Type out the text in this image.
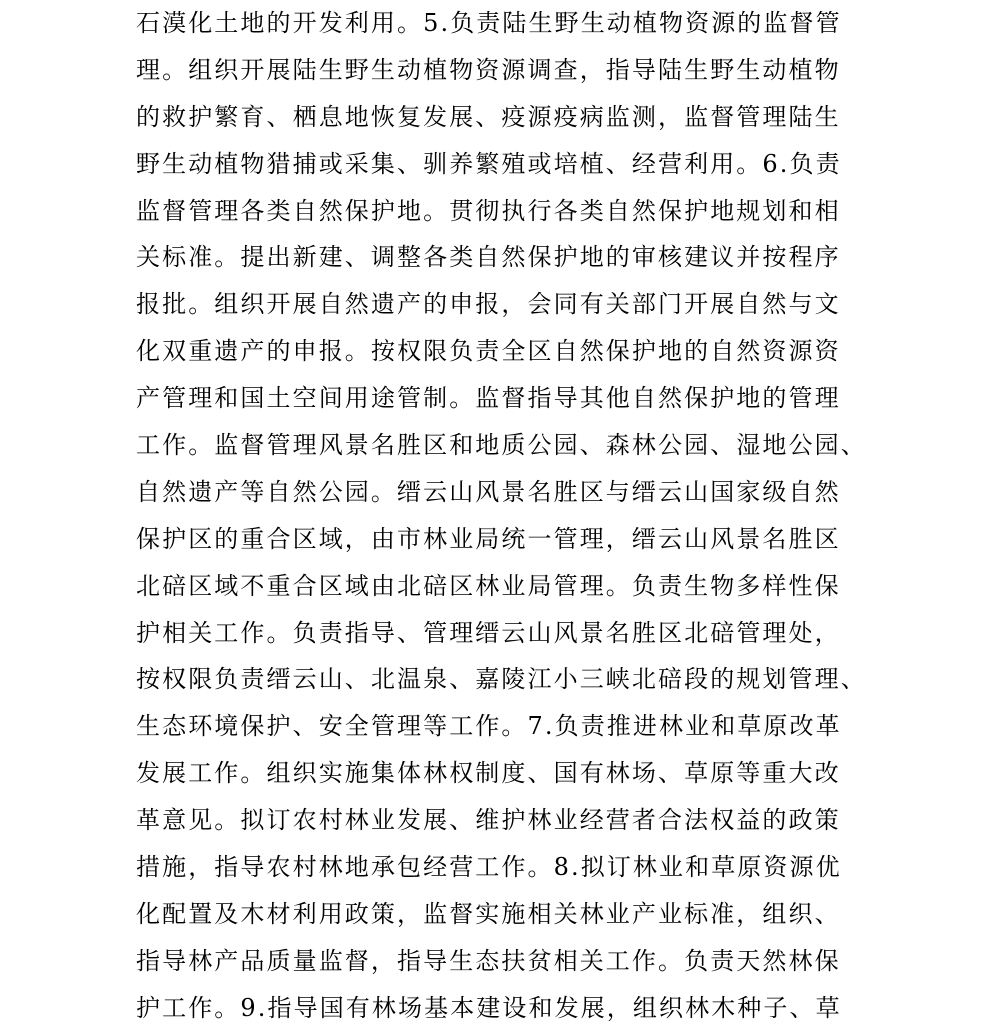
石漠化土地的开发利用。5.负责陆生野生动植物资源的监督管
理。组织开展陆生野生动植物资源调查，指导陆生野生动植物
的救护繁育、栖息地恢复发展、疫源疫病监测，监督管理陆生
野生动植物猎捕或采集、驯养繁殖或培植、经营利用。6.负责
监督管理各类自然保护地。贯彻执行各类自然保护地规划和相
关标准。提出新建、调整各类自然保护地的审核建议并按程序
报批。组织开展自然遗产的申报，会同有关部门开展自然与文
化双重遗产的申报。按权限负责全区自然保护地的自然资源资
产管理和国土空间用途管制。监督指导其他自然保护地的管理
工作。监督管理风景名胜区和地质公园、森林公园、湿地公园、
自然遗产等自然公园。缙云山风景名胜区与缙云山国家级自然
保护区的重合区域，由市林业局统一管理，缙云山风景名胜区
北碚区域不重合区域由北碚区林业局管理。负责生物多样性保
护相关工作。负责指导、管理缙云山风景名胜区北碚管理处，
按权限负责缙云山、北温泉、嘉陵江小三峡北碚段的规划管理、
生态环境保护、安全管理等工作。7.负责推进林业和草原改革
发展工作。组织实施集体林权制度、国有林场、草原等重大改
革意见。拟订农村林业发展、维护林业经营者合法权益的政策
措施，指导农村林地承包经营工作。8.拟订林业和草原资源优
化配置及木材利用政策，监督实施相关林业产业标准，组织、
指导林产品质量监督，指导生态扶贫相关工作。负责天然林保
护工作。9.指导国有林场基本建设和发展，组织林木种子、草
